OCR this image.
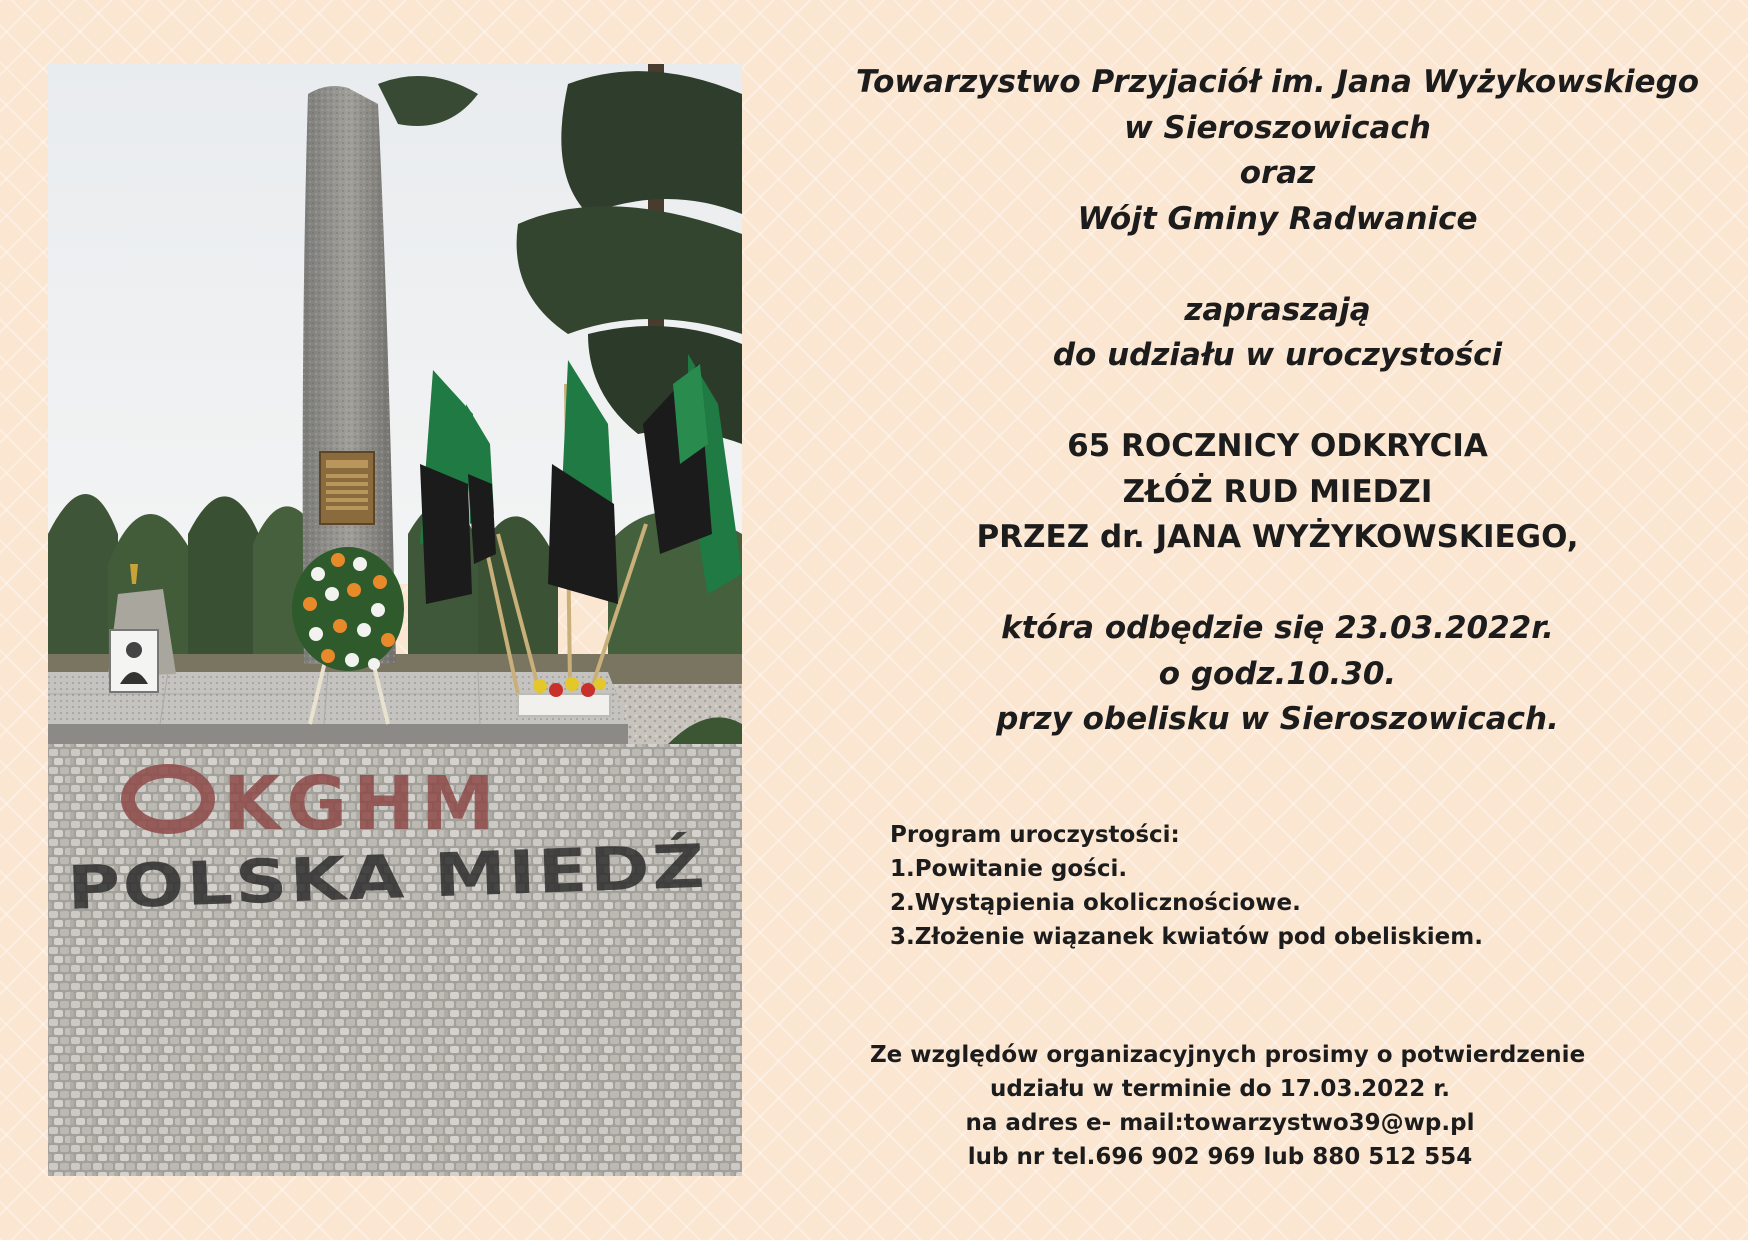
KGHM
POLSKA MIEDŹ
Towarzystwo Przyjaciół im. Jana Wyżykowskiego
w Sieroszowicach
oraz
Wójt Gminy Radwanice
zapraszają
do udziału w uroczystości
65 ROCZNICY ODKRYCIA
ZŁÓŻ RUD MIEDZI
PRZEZ dr. JANA WYŻYKOWSKIEGO,
która odbędzie się 23.03.2022r.
o godz.10.30.
przy obelisku w Sieroszowicach.
Program uroczystości:
1.Powitanie gości.
2.Wystąpienia okolicznościowe.
3.Złożenie wiązanek kwiatów pod obeliskiem.
Ze względów organizacyjnych prosimy o potwierdzenie
udziału w terminie do 17.03.2022 r.
na adres e- mail:towarzystwo39@wp.pl
lub nr tel.696 902 969 lub 880 512 554
